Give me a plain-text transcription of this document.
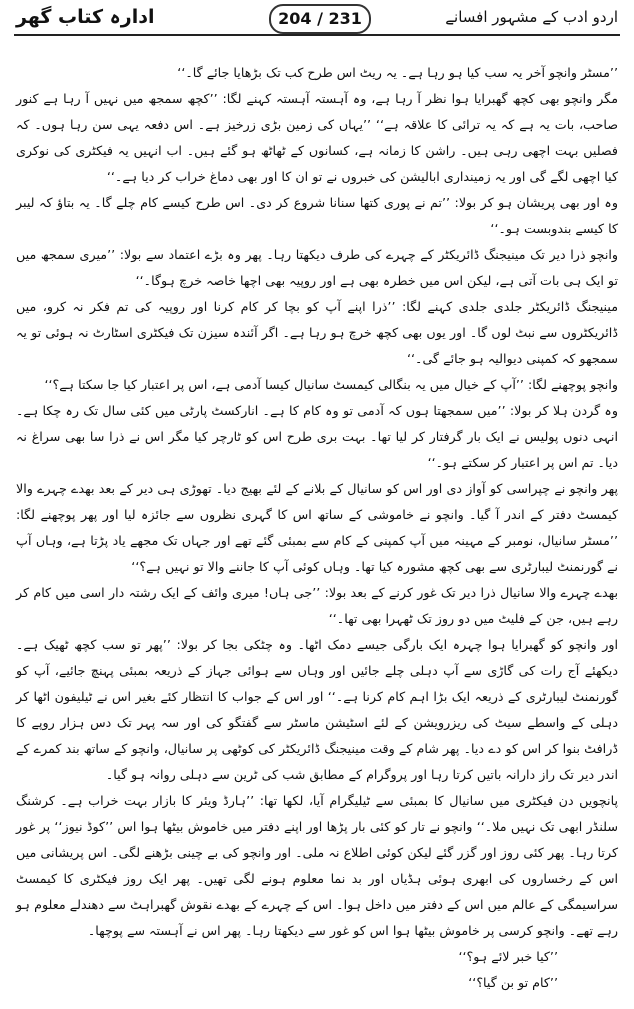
ادارہ کتاب گھر	204 / 231	اردو ادب کے مشہور افسانے

’’مسٹر وانچو آخر یہ سب کیا ہو رہا ہے۔ یہ ریٹ اس طرح کب تک بڑھایا جائے گا۔‘‘

مگر وانچو بھی کچھ گھبرایا ہوا نظر آ رہا ہے، وہ آہستہ آہستہ کہنے لگا: ’’کچھ سمجھ میں نہیں آ رہا ہے کنور صاحب، بات یہ ہے کہ یہ ترائی کا علاقہ ہے‘‘ ’’یہاں کی زمین بڑی زرخیز ہے۔ اس دفعہ یہی سن رہا ہوں۔ کہ فصلیں بہت اچھی رہی ہیں۔ راشن کا زمانہ ہے، کسانوں کے ٹھاٹھ ہو گئے ہیں۔ اب انہیں یہ فیکٹری کی نوکری کیا اچھی لگے گی اور یہ زمینداری ابالیشن کی خبروں نے تو ان کا اور بھی دماغ خراب کر دیا ہے۔‘‘

وہ اور بھی پریشان ہو کر بولا: ’’تم نے پوری کتھا سنانا شروع کر دی۔ اس طرح کیسے کام چلے گا۔ یہ بتاؤ کہ لیبر کا کیسے بندوبست ہو۔‘‘

وانچو ذرا دیر تک مینیجنگ ڈائریکٹر کے چہرے کی طرف دیکھتا رہا۔ پھر وہ بڑے اعتماد سے بولا: ’’میری سمجھ میں تو ایک ہی بات آتی ہے، لیکن اس میں خطرہ بھی ہے اور روپیہ بھی اچھا خاصہ خرچ ہوگا۔‘‘

مینیجنگ ڈائریکٹر جلدی جلدی کہنے لگا: ’’ذرا اپنے آپ کو بچا کر کام کرنا اور روپیہ کی تم فکر نہ کرو، میں ڈائریکٹروں سے نبٹ لوں گا۔ اور یوں بھی کچھ خرچ ہو رہا ہے۔ اگر آئندہ سیزن تک فیکٹری اسٹارٹ نہ ہوئی تو یہ سمجھو کہ کمپنی دیوالیہ ہو جائے گی۔‘‘

وانچو پوچھنے لگا: ’’آپ کے خیال میں یہ بنگالی کیمسٹ سانیال کیسا آدمی ہے، اس پر اعتبار کیا جا سکتا ہے؟‘‘

وہ گردن ہلا کر بولا: ’’میں سمجھتا ہوں کہ آدمی تو وہ کام کا ہے۔ انارکسٹ پارٹی میں کئی سال تک رہ چکا ہے۔ انہی دنوں پولیس نے ایک بار گرفتار کر لیا تھا۔ بہت بری طرح اس کو ٹارچر کیا مگر اس نے ذرا سا بھی سراغ نہ دیا۔ تم اس پر اعتبار کر سکتے ہو۔‘‘

پھر وانچو نے چپراسی کو آواز دی اور اس کو سانیال کے بلانے کے لئے بھیج دیا۔ تھوڑی ہی دیر کے بعد بھدے چہرے والا کیمسٹ دفتر کے اندر آ گیا۔ وانچو نے خاموشی کے ساتھ اس کا گہری نظروں سے جائزہ لیا اور پھر پوچھنے لگا: ’’مسٹر سانیال، نومبر کے مہینہ میں آپ کمپنی کے کام سے بمبئی گئے تھے اور جہاں تک مجھے یاد پڑتا ہے، وہاں آپ نے گورنمنٹ لیبارٹری سے بھی کچھ مشورہ کیا تھا۔ وہاں کوئی آپ کا جاننے والا تو نہیں ہے؟‘‘

بھدے چہرے والا سانیال ذرا دیر تک غور کرنے کے بعد بولا: ’’جی ہاں! میری وائف کے ایک رشتہ دار اسی میں کام کر رہے ہیں، جن کے فلیٹ میں دو روز تک ٹھہرا بھی تھا۔‘‘

اور وانچو کو گھبرایا ہوا چہرہ ایک بارگی جیسے دمک اٹھا۔ وہ چٹکی بجا کر بولا: ’’پھر تو سب کچھ ٹھیک ہے۔ دیکھئے آج رات کی گاڑی سے آپ دہلی چلے جائیں اور وہاں سے ہوائی جہاز کے ذریعہ بمبئی پہنچ جائیے، آپ کو گورنمنٹ لیبارٹری کے ذریعہ ایک بڑا اہم کام کرنا ہے۔‘‘ اور اس کے جواب کا انتظار کئے بغیر اس نے ٹیلیفون اٹھا کر دہلی کے واسطے سیٹ کی ریزرویشن کے لئے اسٹیشن ماسٹر سے گفتگو کی اور سہ پہر تک دس ہزار روپے کا ڈرافٹ بنوا کر اس کو دے دیا۔ پھر شام کے وقت مینیجنگ ڈائریکٹر کی کوٹھی پر سانیال، وانچو کے ساتھ بند کمرے کے اندر دیر تک راز دارانہ باتیں کرتا رہا اور پروگرام کے مطابق شب کی ٹرین سے دہلی روانہ ہو گیا۔

پانچویں دن فیکٹری میں سانیال کا بمبئی سے ٹیلیگرام آیا، لکھا تھا: ’’ہارڈ ویئر کا بازار بہت خراب ہے۔ کرشنگ سلنڈر ابھی تک نہیں ملا۔‘‘ وانچو نے تار کو کئی بار پڑھا اور اپنے دفتر میں خاموش بیٹھا ہوا اس ’’کوڈ نیوز‘‘ پر غور کرتا رہا۔ پھر کئی روز اور گزر گئے لیکن کوئی اطلاع نہ ملی۔ اور وانچو کی بے چینی بڑھنے لگی۔ اس پریشانی میں اس کے رخساروں کی ابھری ہوئی ہڈیاں اور بد نما معلوم ہونے لگی تھیں۔ پھر ایک روز فیکٹری کا کیمسٹ سراسیمگی کے عالم میں اس کے دفتر میں داخل ہوا۔ اس کے چہرے کے بھدے نقوش گھبراہٹ سے دھندلے معلوم ہو رہے تھے۔ وانچو کرسی پر خاموش بیٹھا ہوا اس کو غور سے دیکھتا رہا۔ پھر اس نے آہستہ سے پوچھا۔

’’کیا خبر لائے ہو؟‘‘

’’کام تو بن گیا؟‘‘
